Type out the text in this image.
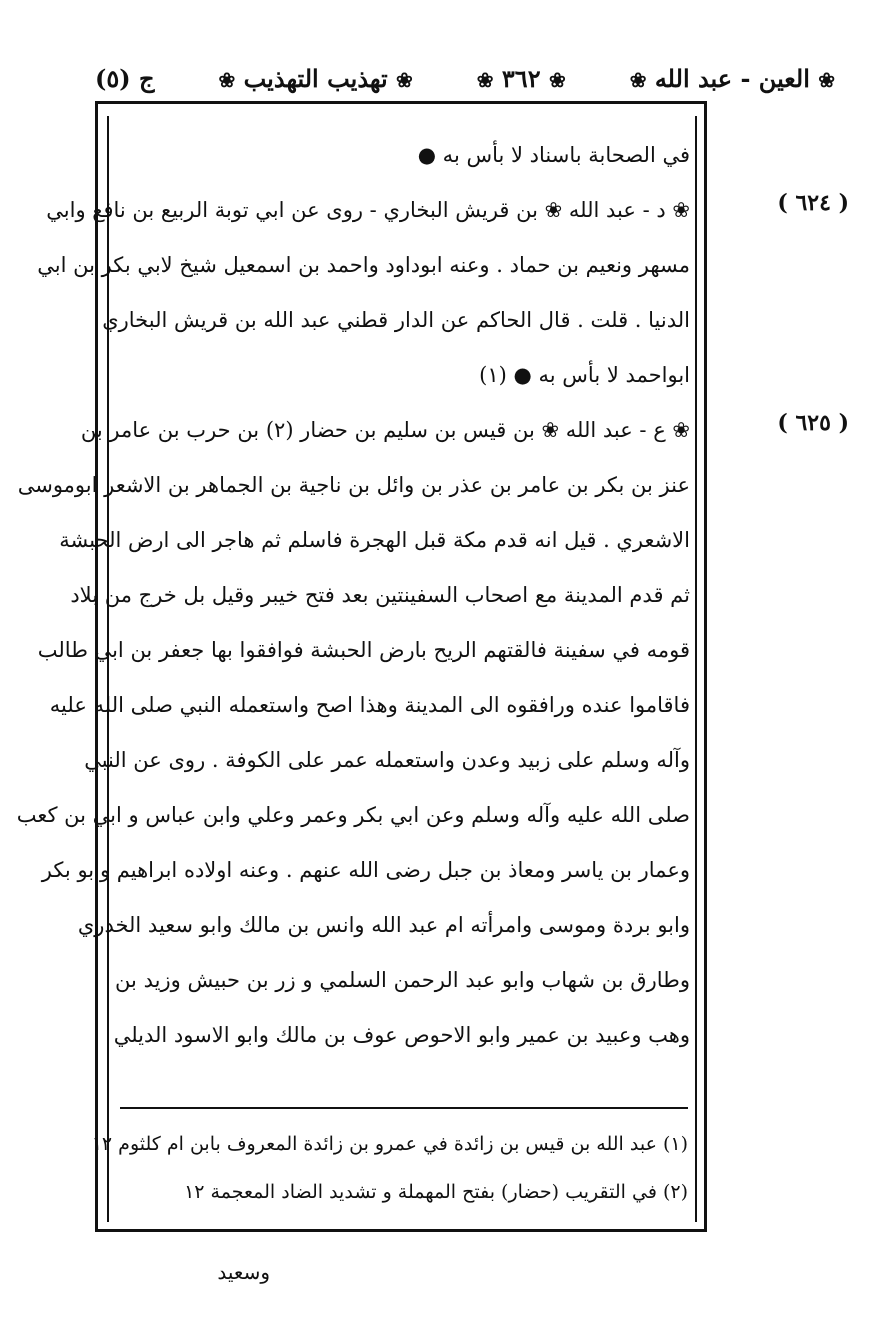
❀ العين - عبد الله ❀
❀ ٣٦٢ ❀
❀ تهذيب التهذيب ❀
ج (٥)
( ٦٢٤ )
( ٦٢٥ )
في الصحابة باسناد لا بأس به ●
❀ د - عبد الله ❀ بن قريش البخاري - روى عن ابي توبة الربيع بن نافع وابي
مسهر ونعيم بن حماد . وعنه ابوداود واحمد بن اسمعيل شيخ لابي بكر بن ابي
الدنيا . قلت . قال الحاكم عن الدار قطني عبد الله بن قريش البخاري
ابواحمد لا بأس به ● (١)
❀ ع - عبد الله ❀ بن قيس بن سليم بن حضار (٢) بن حرب بن عامر بن
عنز بن بكر بن عامر بن عذر بن وائل بن ناجية بن الجماهر بن الاشعر ابوموسى
الاشعري . قيل انه قدم مكة قبل الهجرة فاسلم ثم هاجر الى ارض الحبشة
ثم قدم المدينة مع اصحاب السفينتين بعد فتح خيبر وقيل بل خرج من بلاد
قومه في سفينة فالقتهم الريح بارض الحبشة فوافقوا بها جعفر بن ابي طالب
فاقاموا عنده ورافقوه الى المدينة وهذا اصح واستعمله النبي صلى الله عليه
وآله وسلم على زبيد وعدن واستعمله عمر على الكوفة . روى عن النبي
صلى الله عليه وآله وسلم وعن ابي بكر وعمر وعلي وابن عباس و ابي بن كعب
وعمار بن ياسر ومعاذ بن جبل رضى الله عنهم . وعنه اولاده ابراهيم وابو بكر
وابو بردة وموسى وامرأته ام عبد الله وانس بن مالك وابو سعيد الخدري
وطارق بن شهاب وابو عبد الرحمن السلمي و زر بن حبيش وزيد بن
وهب وعبيد بن عمير وابو الاحوص عوف بن مالك وابو الاسود الديلي
(١) عبد الله بن قيس بن زائدة في عمرو بن زائدة المعروف بابن ام كلثوم ١٢
(٢) في التقريب (حضار) بفتح المهملة و تشديد الضاد المعجمة ١٢
وسعيد
